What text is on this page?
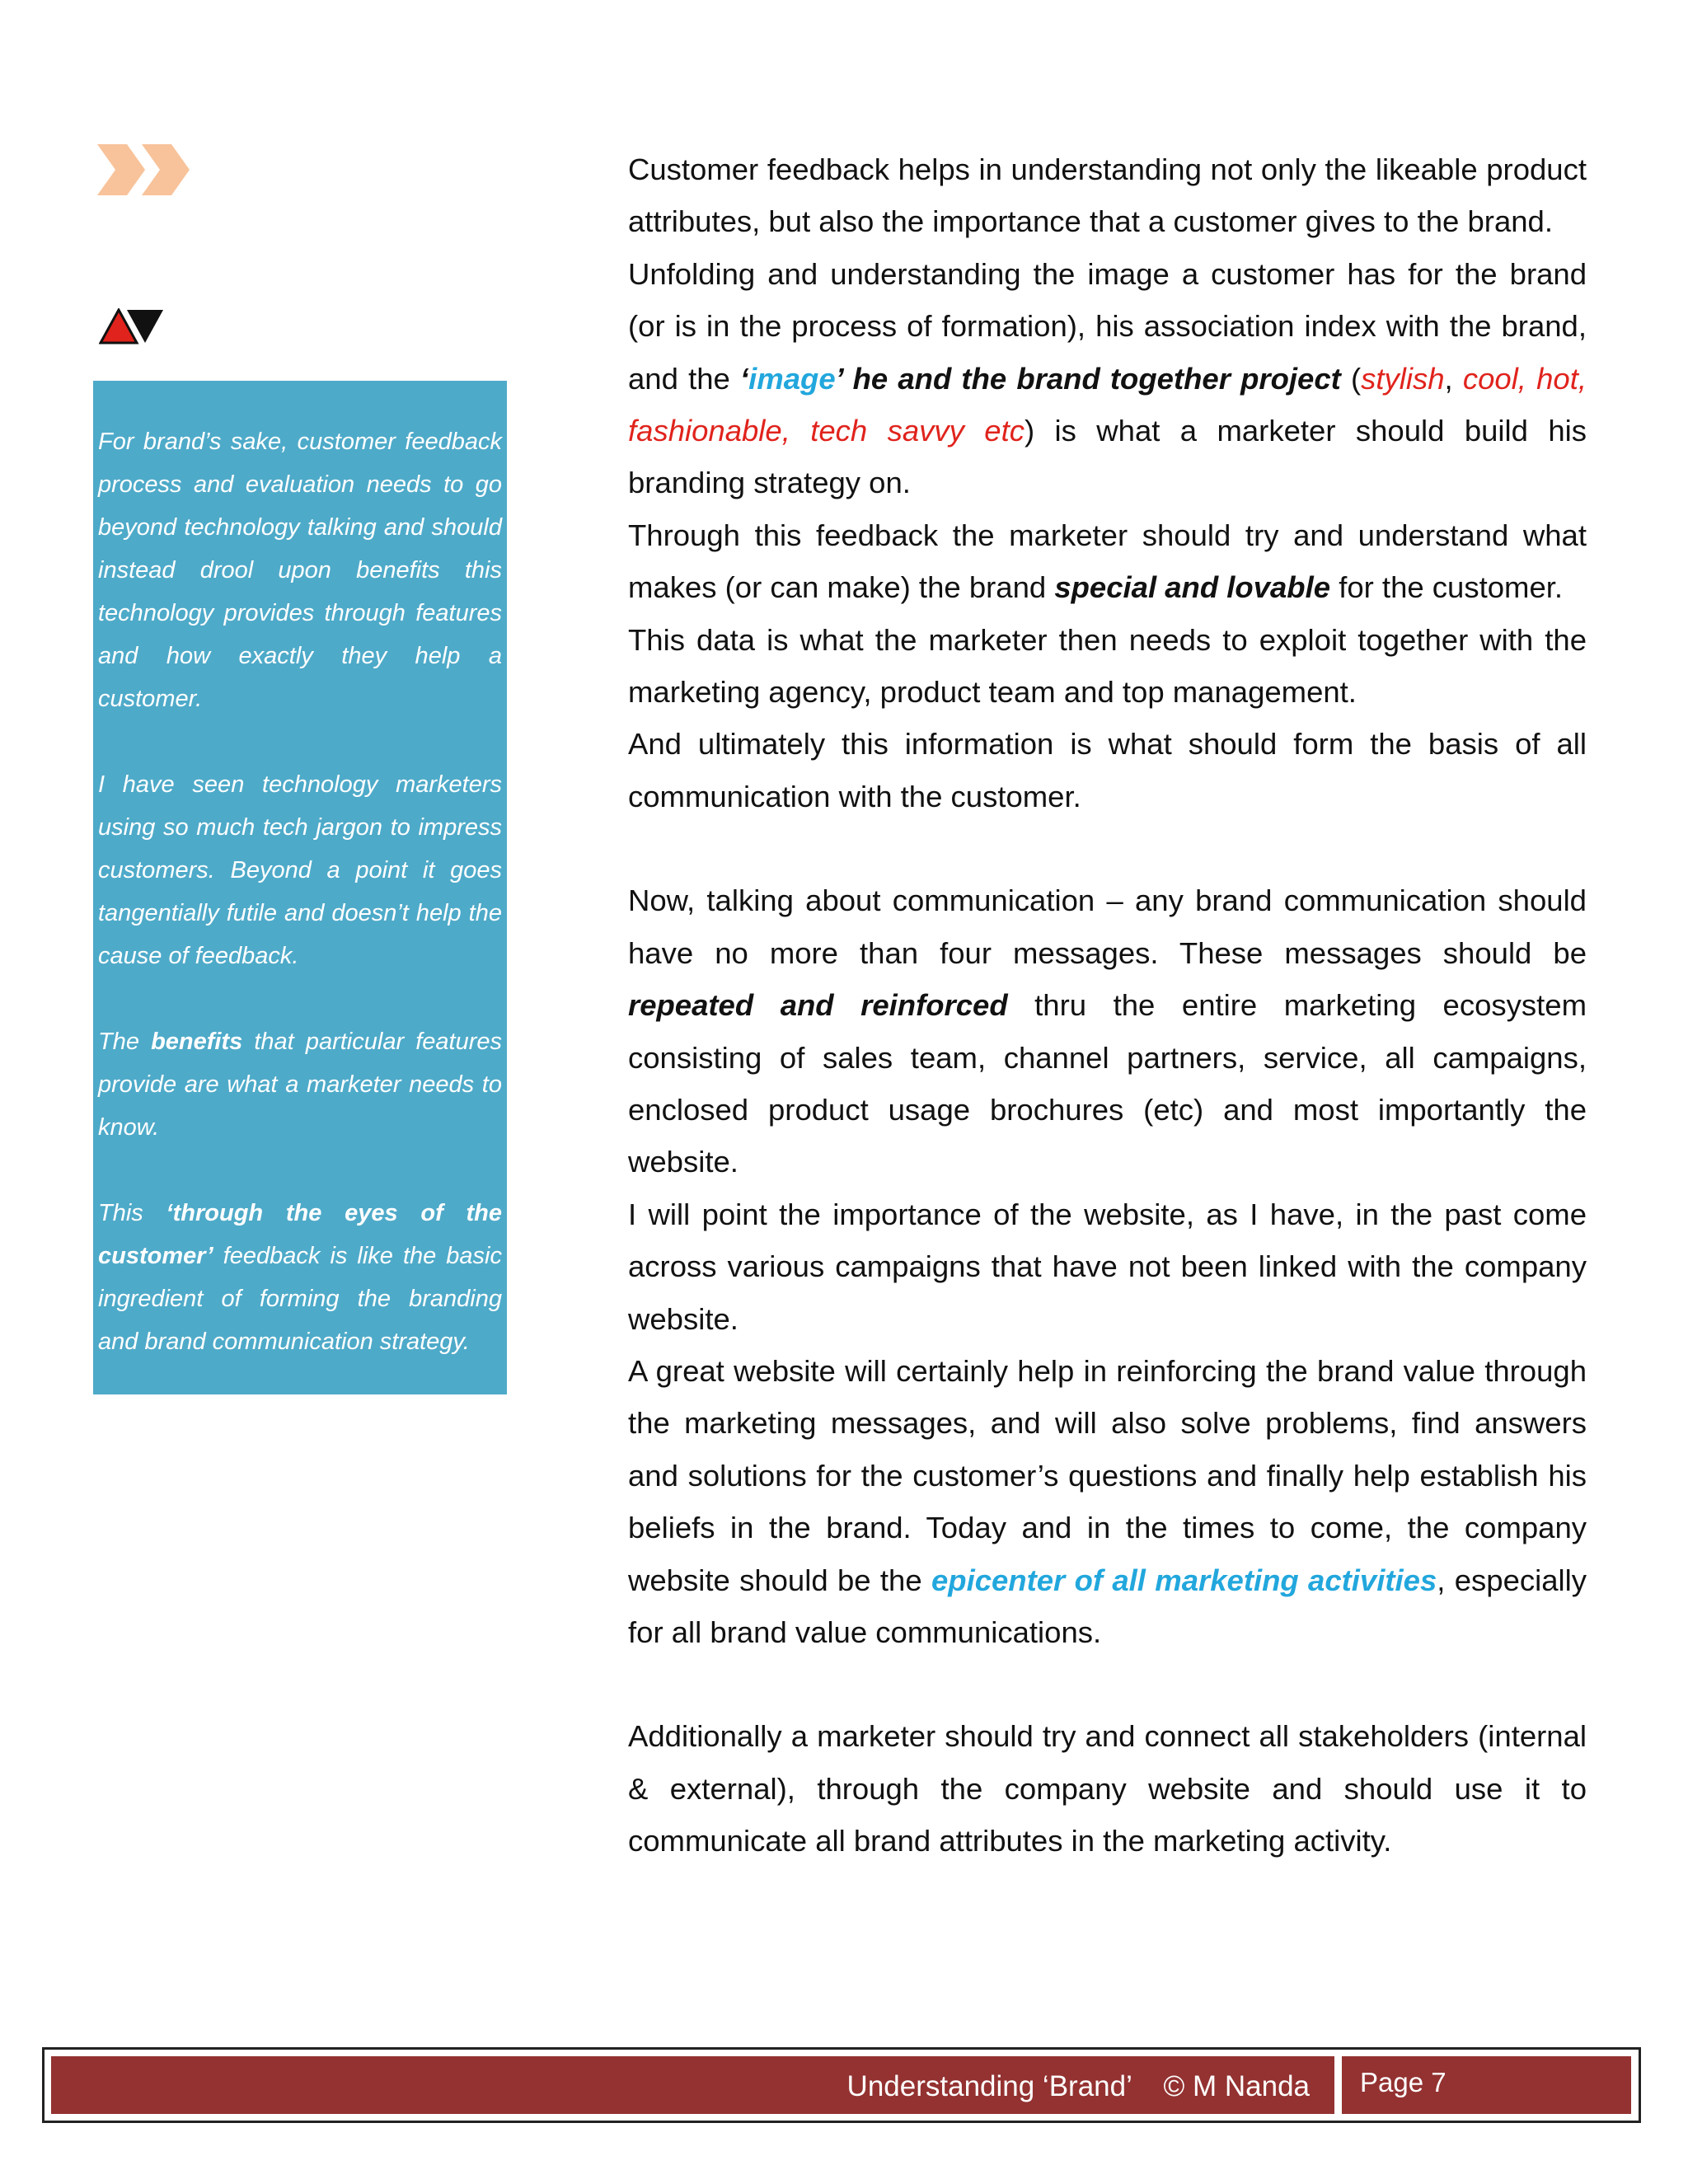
For brand’s sake, customer feedback process and evaluation needs to go beyond technology talking and should instead drool upon benefits this technology provides through features and how exactly they help a customer.

I have seen technology marketers using so much tech jargon to impress customers. Beyond a point it goes tangentially futile and doesn’t help the cause of feedback.

The benefits that particular features provide are what a marketer needs to know.

This ‘through the eyes of the customer’ feedback is like the basic ingredient of forming the branding and brand communication strategy.

Customer feedback helps in understanding not only the likeable product attributes, but also the importance that a customer gives to the brand.

Unfolding and understanding the image a customer has for the brand (or is in the process of formation), his association index with the brand, and the ‘image’ he and the brand together project (stylish, cool, hot, fashionable, tech savvy etc) is what a marketer should build his branding strategy on.

Through this feedback the marketer should try and understand what makes (or can make) the brand special and lovable for the customer.

This data is what the marketer then needs to exploit together with the marketing agency, product team and top management.

And ultimately this information is what should form the basis of all communication with the customer.

Now, talking about communication – any brand communication should have no more than four messages. These messages should be repeated and reinforced thru the entire marketing ecosystem consisting of sales team, channel partners, service, all campaigns, enclosed product usage brochures (etc) and most importantly the website.

I will point the importance of the website, as I have, in the past come across various campaigns that have not been linked with the company website.

A great website will certainly help in reinforcing the brand value through the marketing messages, and will also solve problems, find answers and solutions for the customer’s questions and finally help establish his beliefs in the brand. Today and in the times to come, the company website should be the epicenter of all marketing activities, especially for all brand value communications.

Additionally a marketer should try and connect all stakeholders (internal & external), through the company website and should use it to communicate all brand attributes in the marketing activity.

Understanding ‘Brand’    © M Nanda	Page 7
